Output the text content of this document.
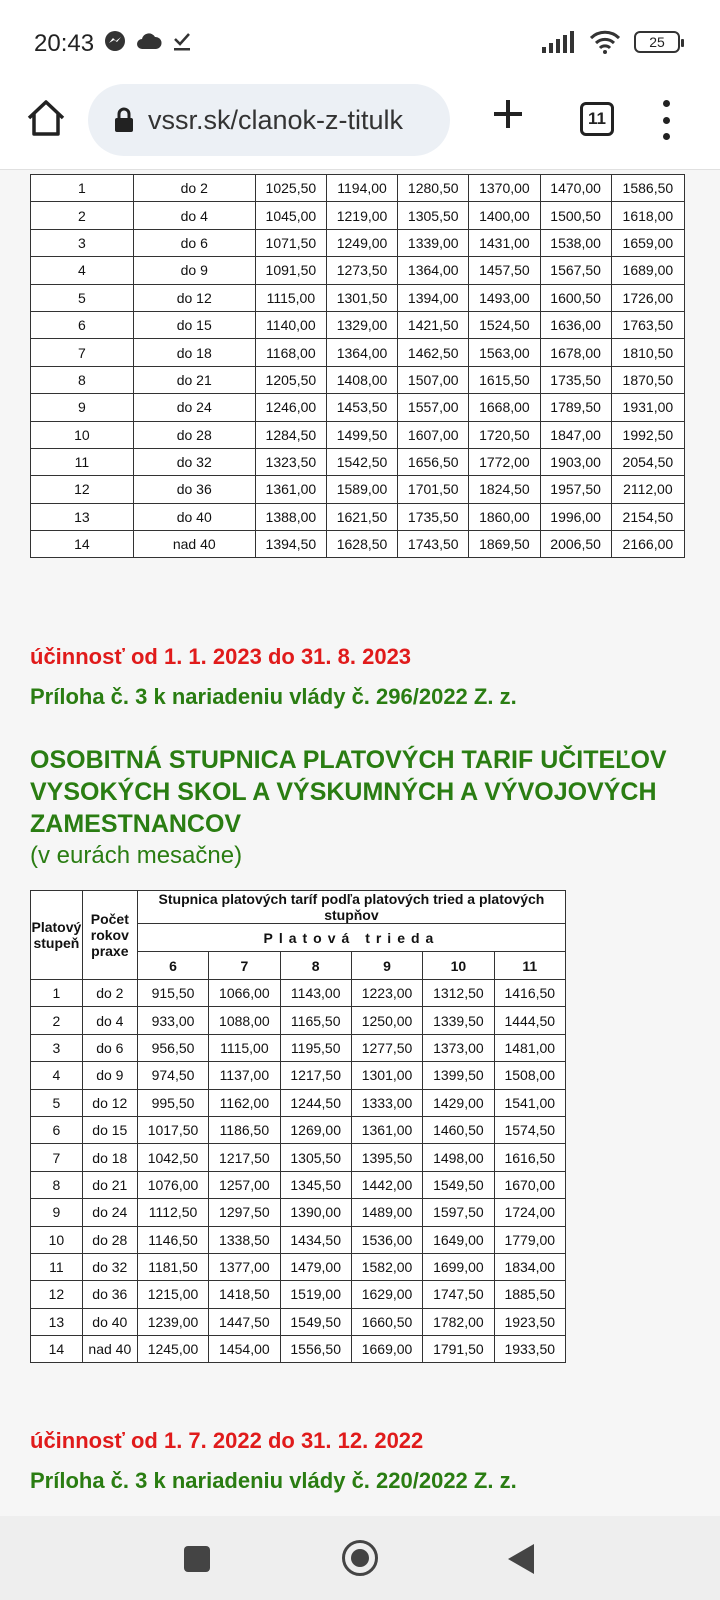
20:43	25
vssr.sk/clanok-z-titulk	11
1	do 2	1025,50	1194,00	1280,50	1370,00	1470,00	1586,50
2	do 4	1045,00	1219,00	1305,50	1400,00	1500,50	1618,00
3	do 6	1071,50	1249,00	1339,00	1431,00	1538,00	1659,00
4	do 9	1091,50	1273,50	1364,00	1457,50	1567,50	1689,00
5	do 12	1115,00	1301,50	1394,00	1493,00	1600,50	1726,00
6	do 15	1140,00	1329,00	1421,50	1524,50	1636,00	1763,50
7	do 18	1168,00	1364,00	1462,50	1563,00	1678,00	1810,50
8	do 21	1205,50	1408,00	1507,00	1615,50	1735,50	1870,50
9	do 24	1246,00	1453,50	1557,00	1668,00	1789,50	1931,00
10	do 28	1284,50	1499,50	1607,00	1720,50	1847,00	1992,50
11	do 32	1323,50	1542,50	1656,50	1772,00	1903,00	2054,50
12	do 36	1361,00	1589,00	1701,50	1824,50	1957,50	2112,00
13	do 40	1388,00	1621,50	1735,50	1860,00	1996,00	2154,50
14	nad 40	1394,50	1628,50	1743,50	1869,50	2006,50	2166,00
účinnosť od 1. 1. 2023 do 31. 8. 2023
Príloha č. 3 k nariadeniu vlády č. 296/2022 Z. z.
OSOBITNÁ STUPNICA PLATOVÝCH TARIF UČITEĽOV VYSOKÝCH SKOL A VÝSKUMNÝCH A VÝVOJOVÝCH ZAMESTNANCOV
(v eurách mesačne)
Platový stupeň	Počet rokov praxe	Stupnica platových taríf podľa platových tried a platových stupňov					
		Platová trieda					
		6	7	8	9	10	11
1	do 2	915,50	1066,00	1143,00	1223,00	1312,50	1416,50
2	do 4	933,00	1088,00	1165,50	1250,00	1339,50	1444,50
3	do 6	956,50	1115,00	1195,50	1277,50	1373,00	1481,00
4	do 9	974,50	1137,00	1217,50	1301,00	1399,50	1508,00
5	do 12	995,50	1162,00	1244,50	1333,00	1429,00	1541,00
6	do 15	1017,50	1186,50	1269,00	1361,00	1460,50	1574,50
7	do 18	1042,50	1217,50	1305,50	1395,50	1498,00	1616,50
8	do 21	1076,00	1257,00	1345,50	1442,00	1549,50	1670,00
9	do 24	1112,50	1297,50	1390,00	1489,00	1597,50	1724,00
10	do 28	1146,50	1338,50	1434,50	1536,00	1649,00	1779,00
11	do 32	1181,50	1377,00	1479,00	1582,00	1699,00	1834,00
12	do 36	1215,00	1418,50	1519,00	1629,00	1747,50	1885,50
13	do 40	1239,00	1447,50	1549,50	1660,50	1782,00	1923,50
14	nad 40	1245,00	1454,00	1556,50	1669,00	1791,50	1933,50
účinnosť od 1. 7. 2022 do 31. 12. 2022
Príloha č. 3 k nariadeniu vlády č. 220/2022 Z. z.
